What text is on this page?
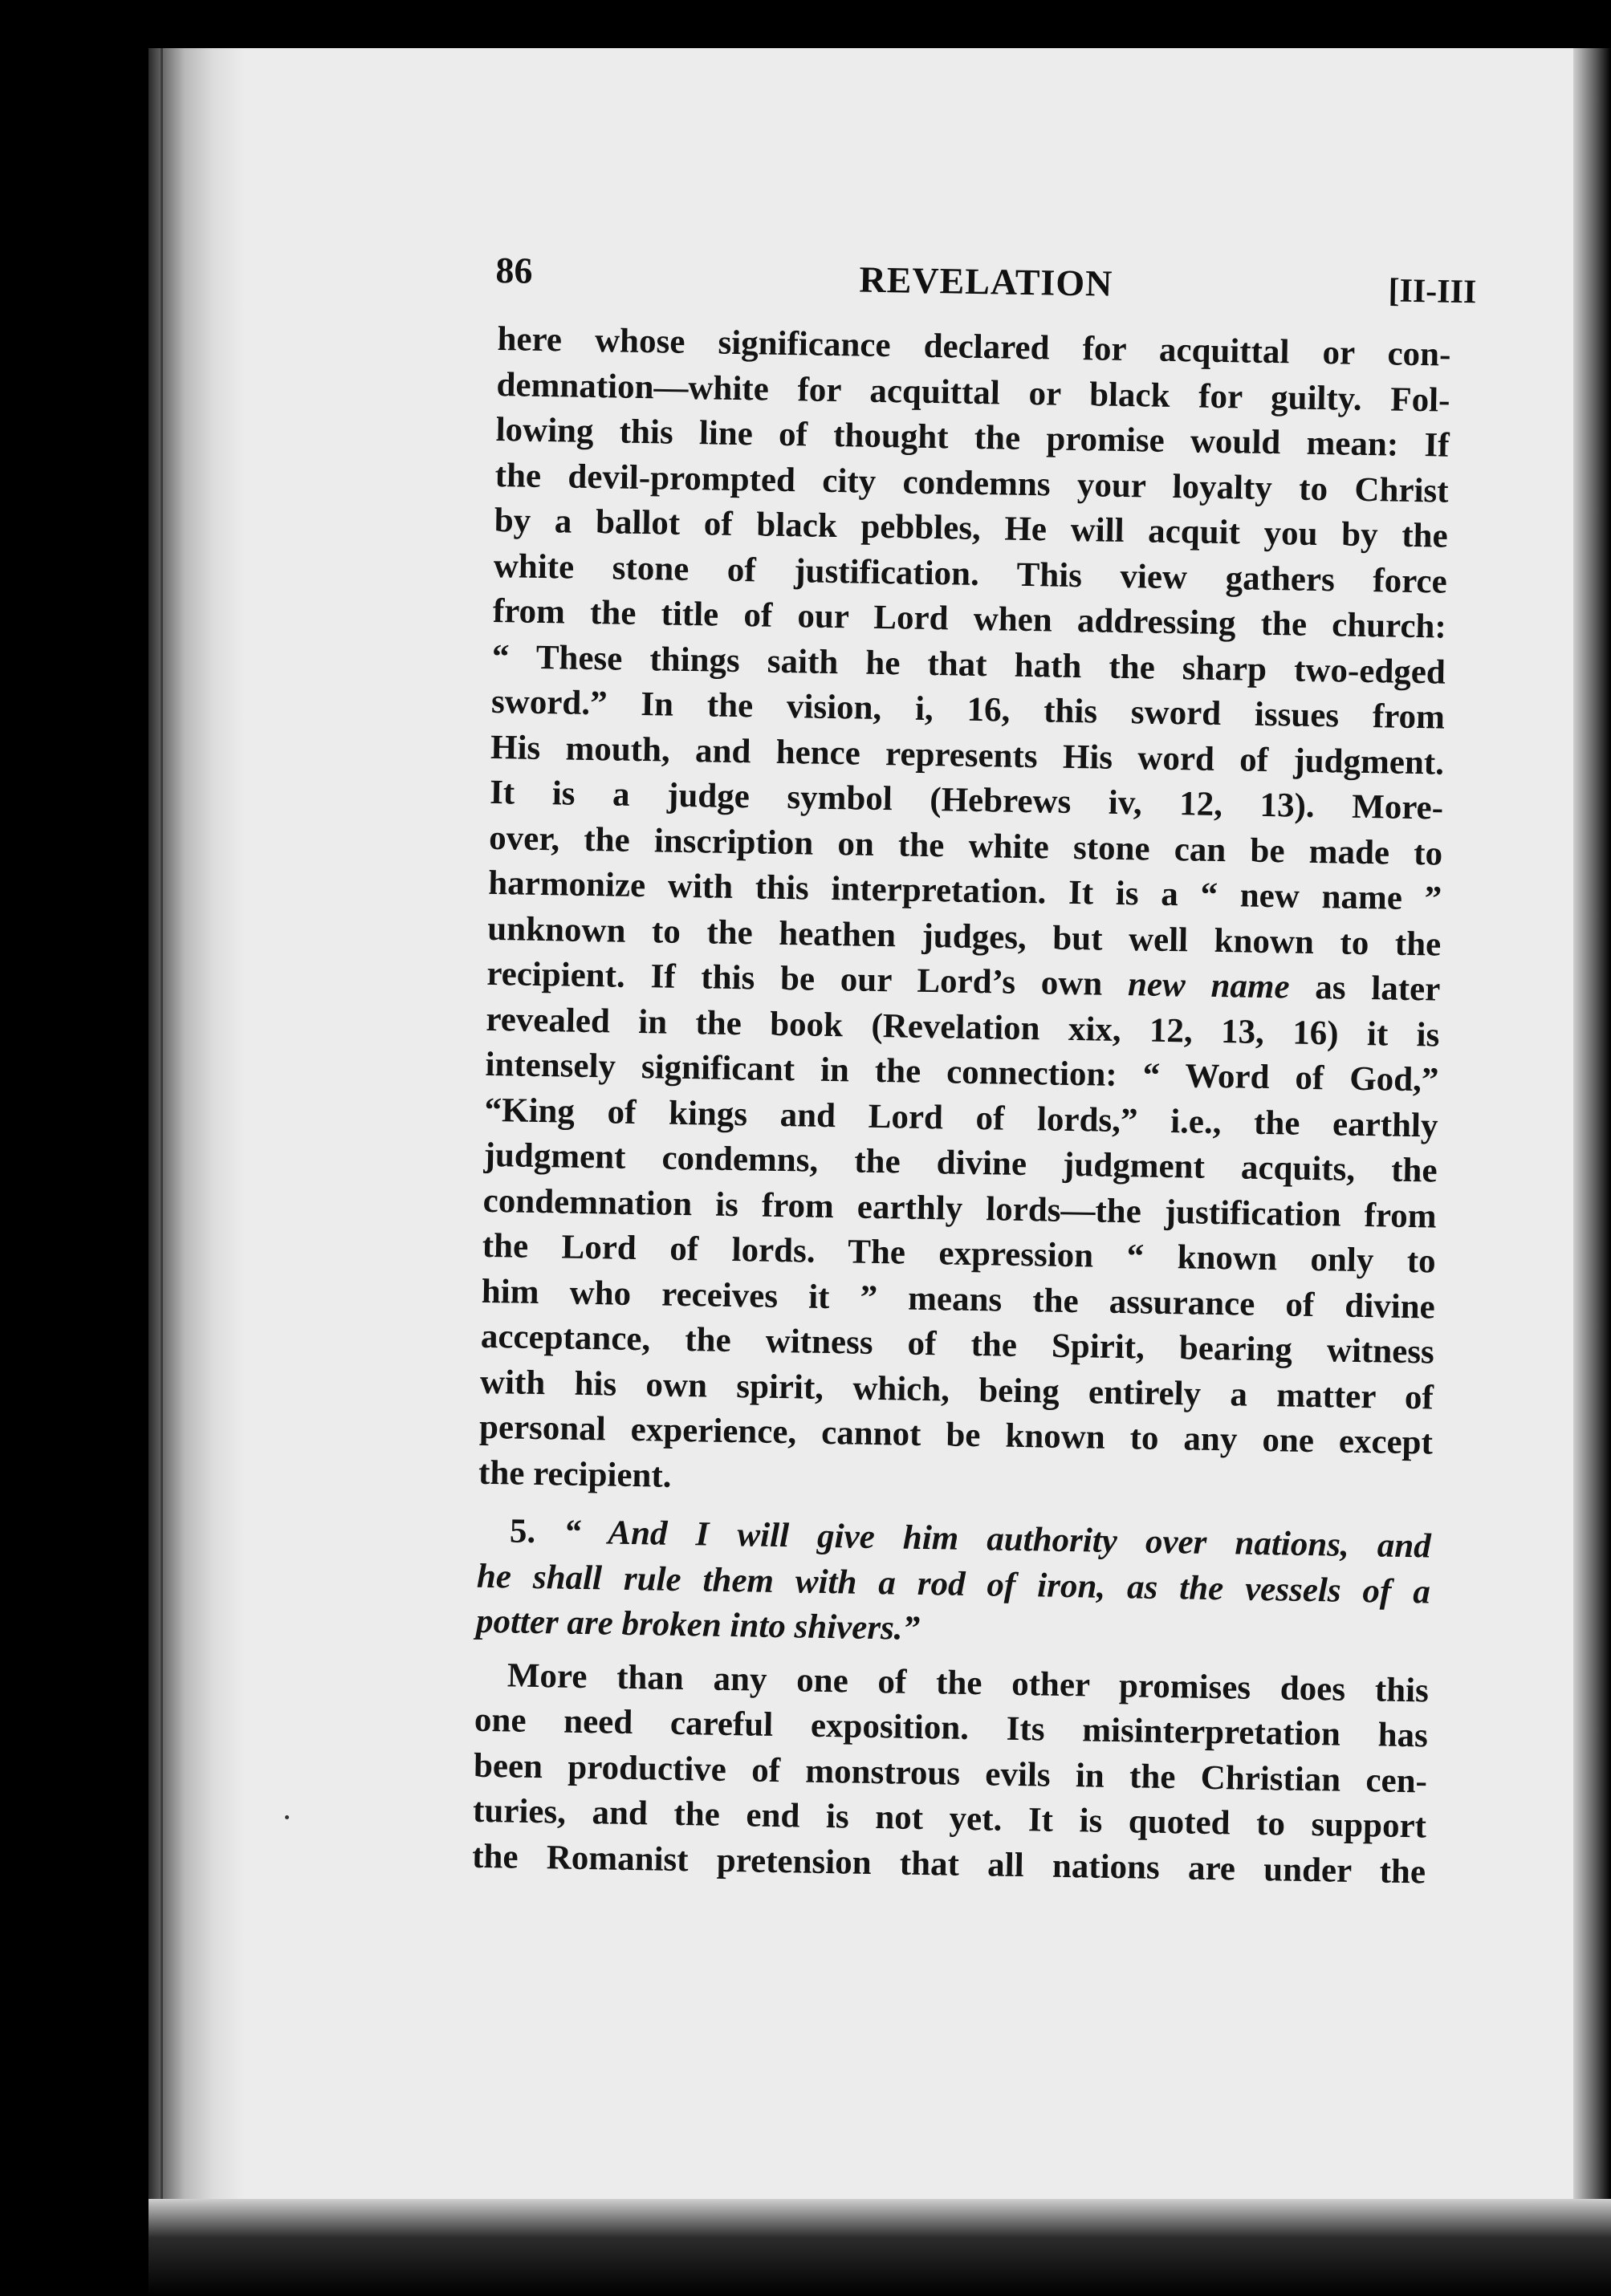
86	REVELATION	[II-III

here whose significance declared for acquittal or con-

demnation—white for acquittal or black for guilty. Fol-

lowing this line of thought the promise would mean: If

the devil-prompted city condemns your loyalty to Christ

by a ballot of black pebbles, He will acquit you by the

white stone of justification. This view gathers force

from the title of our Lord when addressing the church:

“ These things saith he that hath the sharp two-edged

sword.” In the vision, i, 16, this sword issues from

His mouth, and hence represents His word of judgment.

It is a judge symbol (Hebrews iv, 12, 13). More-

over, the inscription on the white stone can be made to

harmonize with this interpretation. It is a “ new name ”

unknown to the heathen judges, but well known to the

recipient. If this be our Lord’s own new name as later

revealed in the book (Revelation xix, 12, 13, 16) it is

intensely significant in the connection: “ Word of God,”

“King of kings and Lord of lords,” i.e., the earthly

judgment condemns, the divine judgment acquits, the

condemnation is from earthly lords—the justification from

the Lord of lords. The expression “ known only to

him who receives it ” means the assurance of divine

acceptance, the witness of the Spirit, bearing witness

with his own spirit, which, being entirely a matter of

personal experience, cannot be known to any one except

the recipient.

5. “ And I will give him authority over nations, and

he shall rule them with a rod of iron, as the vessels of a

potter are broken into shivers.”

More than any one of the other promises does this

one need careful exposition. Its misinterpretation has

been productive of monstrous evils in the Christian cen-

turies, and the end is not yet. It is quoted to support

the Romanist pretension that all nations are under the
